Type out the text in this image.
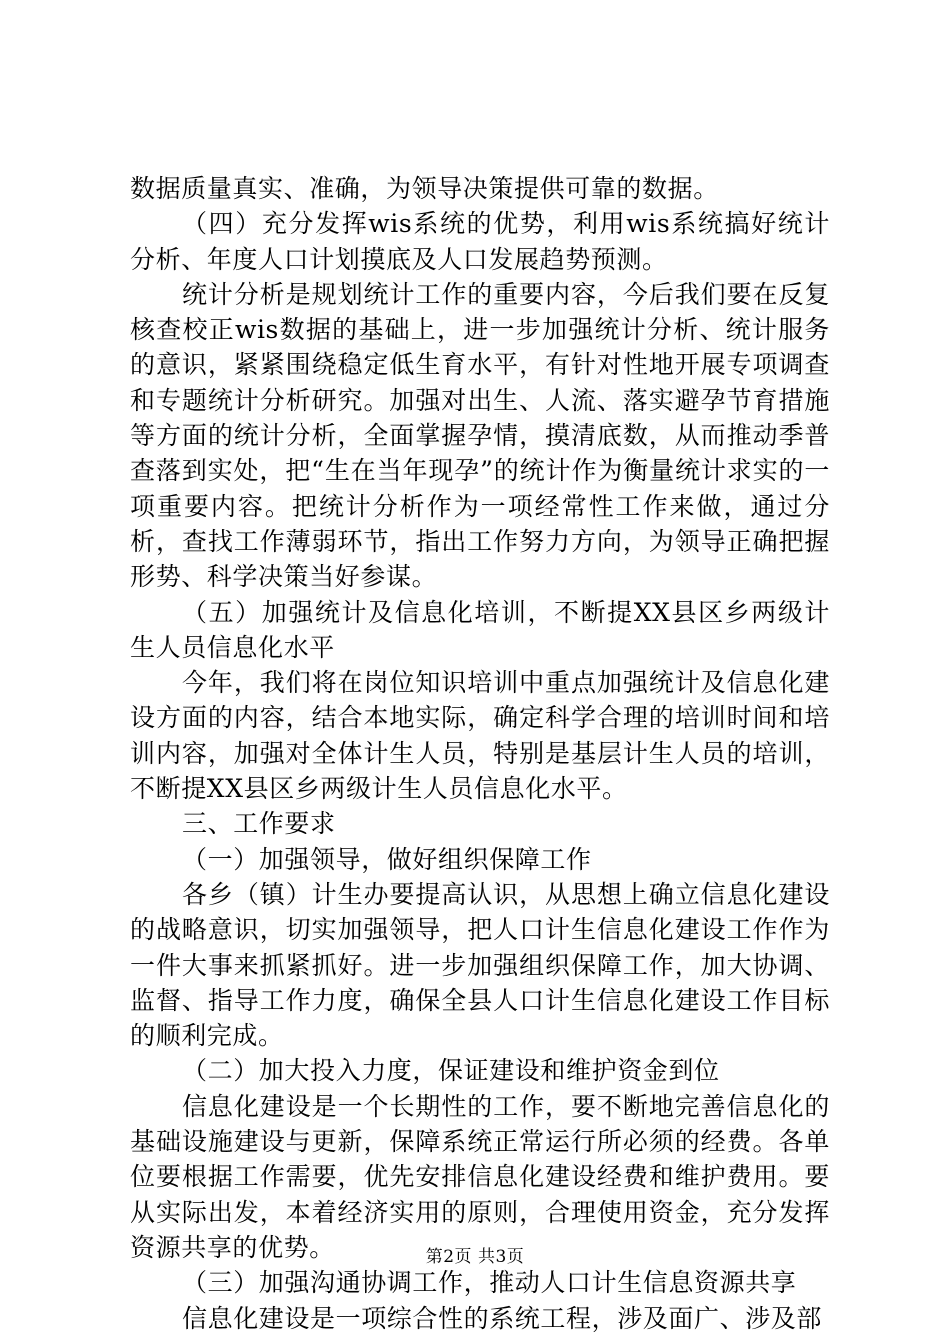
数据质量真实、准确，为领导决策提供可靠的数据。

（四）充分发挥wis系统的优势，利用wis系统搞好统计分析、年度人口计划摸底及人口发展趋势预测。

统计分析是规划统计工作的重要内容，今后我们要在反复核查校正wis数据的基础上，进一步加强统计分析、统计服务的意识，紧紧围绕稳定低生育水平，有针对性地开展专项调查和专题统计分析研究。加强对出生、人流、落实避孕节育措施等方面的统计分析，全面掌握孕情，摸清底数，从而推动季普查落到实处，把“生在当年现孕”的统计作为衡量统计求实的一项重要内容。把统计分析作为一项经常性工作来做，通过分析，查找工作薄弱环节，指出工作努力方向，为领导正确把握形势、科学决策当好参谋。

（五）加强统计及信息化培训，不断提XX县区乡两级计生人员信息化水平

今年，我们将在岗位知识培训中重点加强统计及信息化建设方面的内容，结合本地实际，确定科学合理的培训时间和培训内容，加强对全体计生人员，特别是基层计生人员的培训，不断提XX县区乡两级计生人员信息化水平。

三、工作要求

（一）加强领导，做好组织保障工作

各乡（镇）计生办要提高认识，从思想上确立信息化建设的战略意识，切实加强领导，把人口计生信息化建设工作作为一件大事来抓紧抓好。进一步加强组织保障工作，加大协调、监督、指导工作力度，确保全县人口计生信息化建设工作目标的顺利完成。

（二）加大投入力度，保证建设和维护资金到位

信息化建设是一个长期性的工作，要不断地完善信息化的基础设施建设与更新，保障系统正常运行所必须的经费。各单位要根据工作需要，优先安排信息化建设经费和维护费用。要从实际出发，本着经济实用的原则，合理使用资金，充分发挥资源共享的优势。

（三）加强沟通协调工作，推动人口计生信息资源共享

信息化建设是一项综合性的系统工程，涉及面广、涉及部

第2页 共3页
